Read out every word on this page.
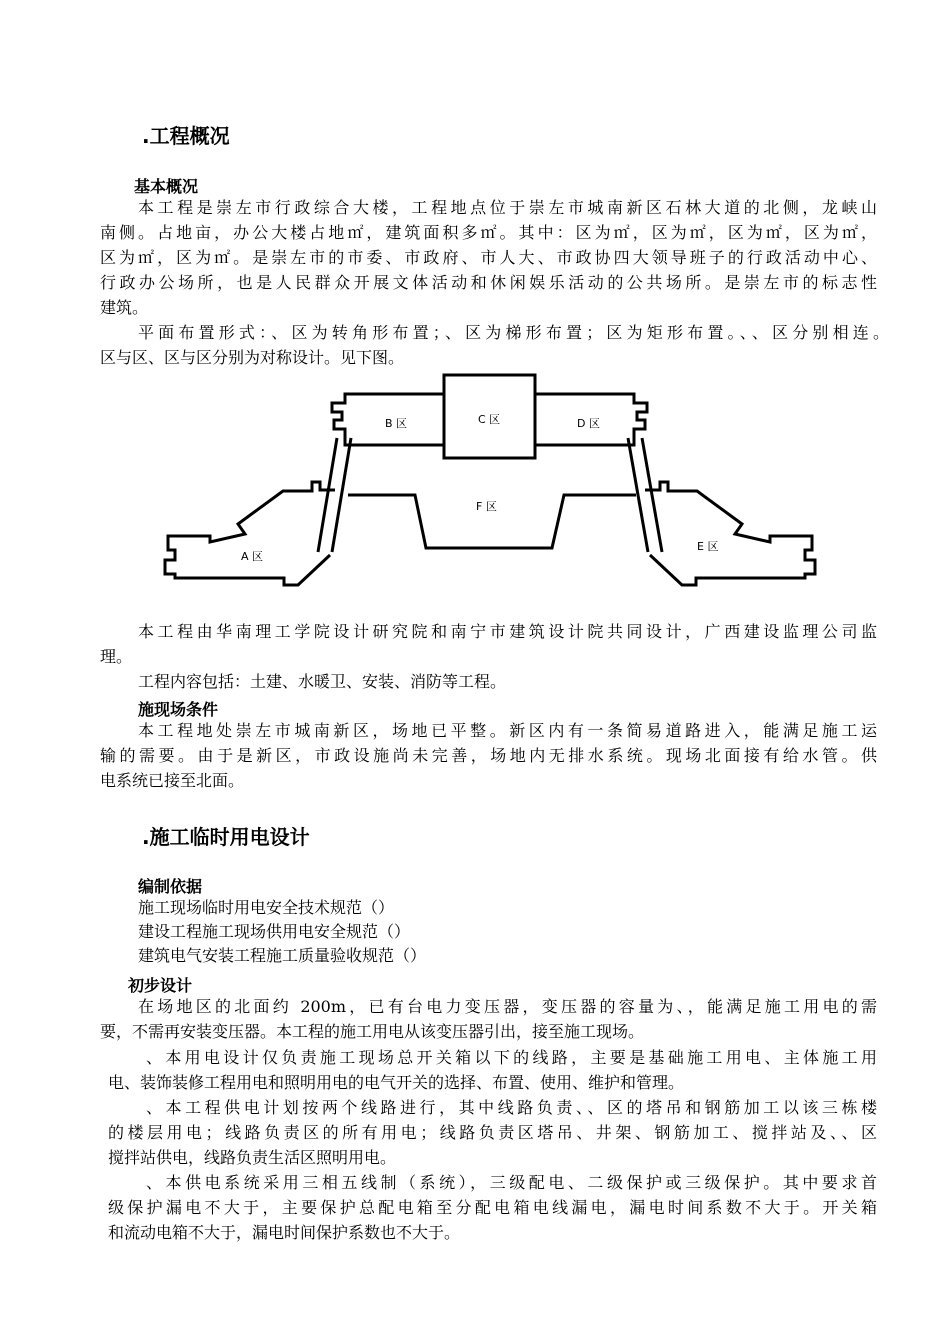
.工程概况
基本概况
本工程是崇左市行政综合大楼，工程地点位于崇左市城南新区石林大道的北侧，龙峡山
南侧。占地亩，办公大楼占地㎡，建筑面积多㎡。其中：区为㎡，区为㎡，区为㎡，区为㎡，
区为㎡，区为㎡。是崇左市的市委、市政府、市人大、市政协四大领导班子的行政活动中心、
行政办公场所，也是人民群众开展文体活动和休闲娱乐活动的公共场所。是崇左市的标志性
建筑。
平面布置形式：、区为转角形布置；、区为梯形布置；区为矩形布置。、、区分别相连。
区与区、区与区分别为对称设计。见下图。
B 区	C 区	D 区
F 区
A 区
E 区
本工程由华南理工学院设计研究院和南宁市建筑设计院共同设计，广西建设监理公司监
理。
工程内容包括：土建、水暖卫、安装、消防等工程。
施现场条件
本工程地处崇左市城南新区，场地已平整。新区内有一条简易道路进入，能满足施工运
输的需要。由于是新区，市政设施尚未完善，场地内无排水系统。现场北面接有给水管。供
电系统已接至北面。
.施工临时用电设计
编制依据
施工现场临时用电安全技术规范（）
建设工程施工现场供用电安全规范（）
建筑电气安装工程施工质量验收规范（）
初步设计
在场地区的北面约 200m，已有台电力变压器，变压器的容量为、，能满足施工用电的需
要，不需再安装变压器。本工程的施工用电从该变压器引出，接至施工现场。
、本用电设计仅负责施工现场总开关箱以下的线路，主要是基础施工用电、主体施工用
电、装饰装修工程用电和照明用电的电气开关的选择、布置、使用、维护和管理。
、本工程供电计划按两个线路进行，其中线路负责、、区的塔吊和钢筋加工以该三栋楼
的楼层用电；线路负责区的所有用电；线路负责区塔吊、井架、钢筋加工、搅拌站及、、区
搅拌站供电，线路负责生活区照明用电。
、本供电系统采用三相五线制（系统），三级配电、二级保护或三级保护。其中要求首
级保护漏电不大于，主要保护总配电箱至分配电箱电线漏电，漏电时间系数不大于。开关箱
和流动电箱不大于，漏电时间保护系数也不大于。
